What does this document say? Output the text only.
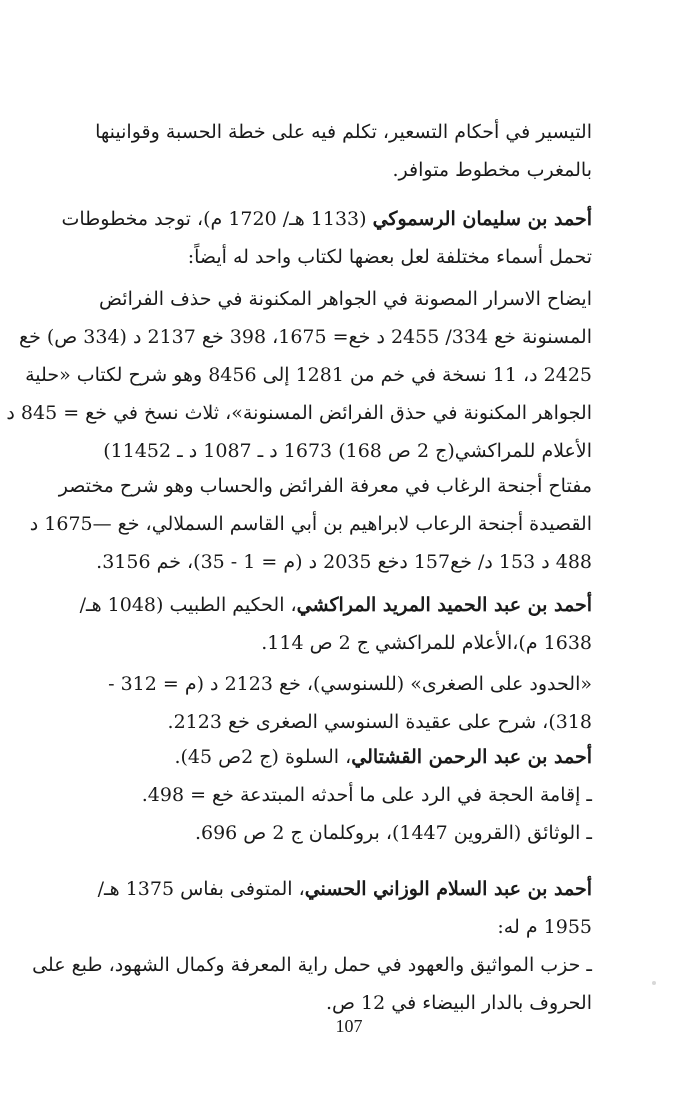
التيسير في أحكام التسعير، تكلم فيه على خطة الحسبة وقوانينها
بالمغرب مخطوط متوافر.

أحمد بن سليمان الرسموكي (1133 هـ/ 1720 م)، توجد مخطوطات
تحمل أسماء مختلفة لعل بعضها لكتاب واحد له أيضاً:

ايضاح الاسرار المصونة في الجواهر المكنونة في حذف الفرائض
المسنونة خع 334/ 2455 د خع= 1675، 398 خع 2137 د (334 ص) خع
2425 د، 11 نسخة في خم من 1281 إلى 8456 وهو شرح لكتاب «حلية
الجواهر المكنونة في حذق الفرائض المسنونة»، ثلاث نسخ في خع = 845 د
الأعلام للمراكشي(ج 2 ص 168) 1673 د ـ 1087 د ـ 11452)

مفتاح أجنحة الرغاب في معرفة الفرائض والحساب وهو شرح مختصر
القصيدة أجنحة الرعاب لابراهيم بن أبي القاسم السملالي، خع —1675 د
488 د 153 د/ خع157 دخع 2035 د (م = 1 - 35)، خم 3156.

أحمد بن عبد الحميد المريد المراكشي، الحكيم الطبيب (1048 هـ/
1638 م)،الأعلام للمراكشي ج 2 ص 114.

«الحدود على الصغرى» (للسنوسي)، خع 2123 د (م = 312 -
318)، شرح على عقيدة السنوسي الصغرى خع 2123.

أحمد بن عبد الرحمن القشتالي، السلوة (ج 2ص 45).
ـ إقامة الحجة في الرد على ما أحدثه المبتدعة خع = 498.
ـ الوثائق (القروين 1447)، بروكلمان ج 2 ص 696.

أحمد بن عبد السلام الوزاني الحسني، المتوفى بفاس 1375 هـ/
1955 م له:
ـ حزب المواثيق والعهود في حمل راية المعرفة وكمال الشهود، طبع على
الحروف بالدار البيضاء في 12 ص.

107
